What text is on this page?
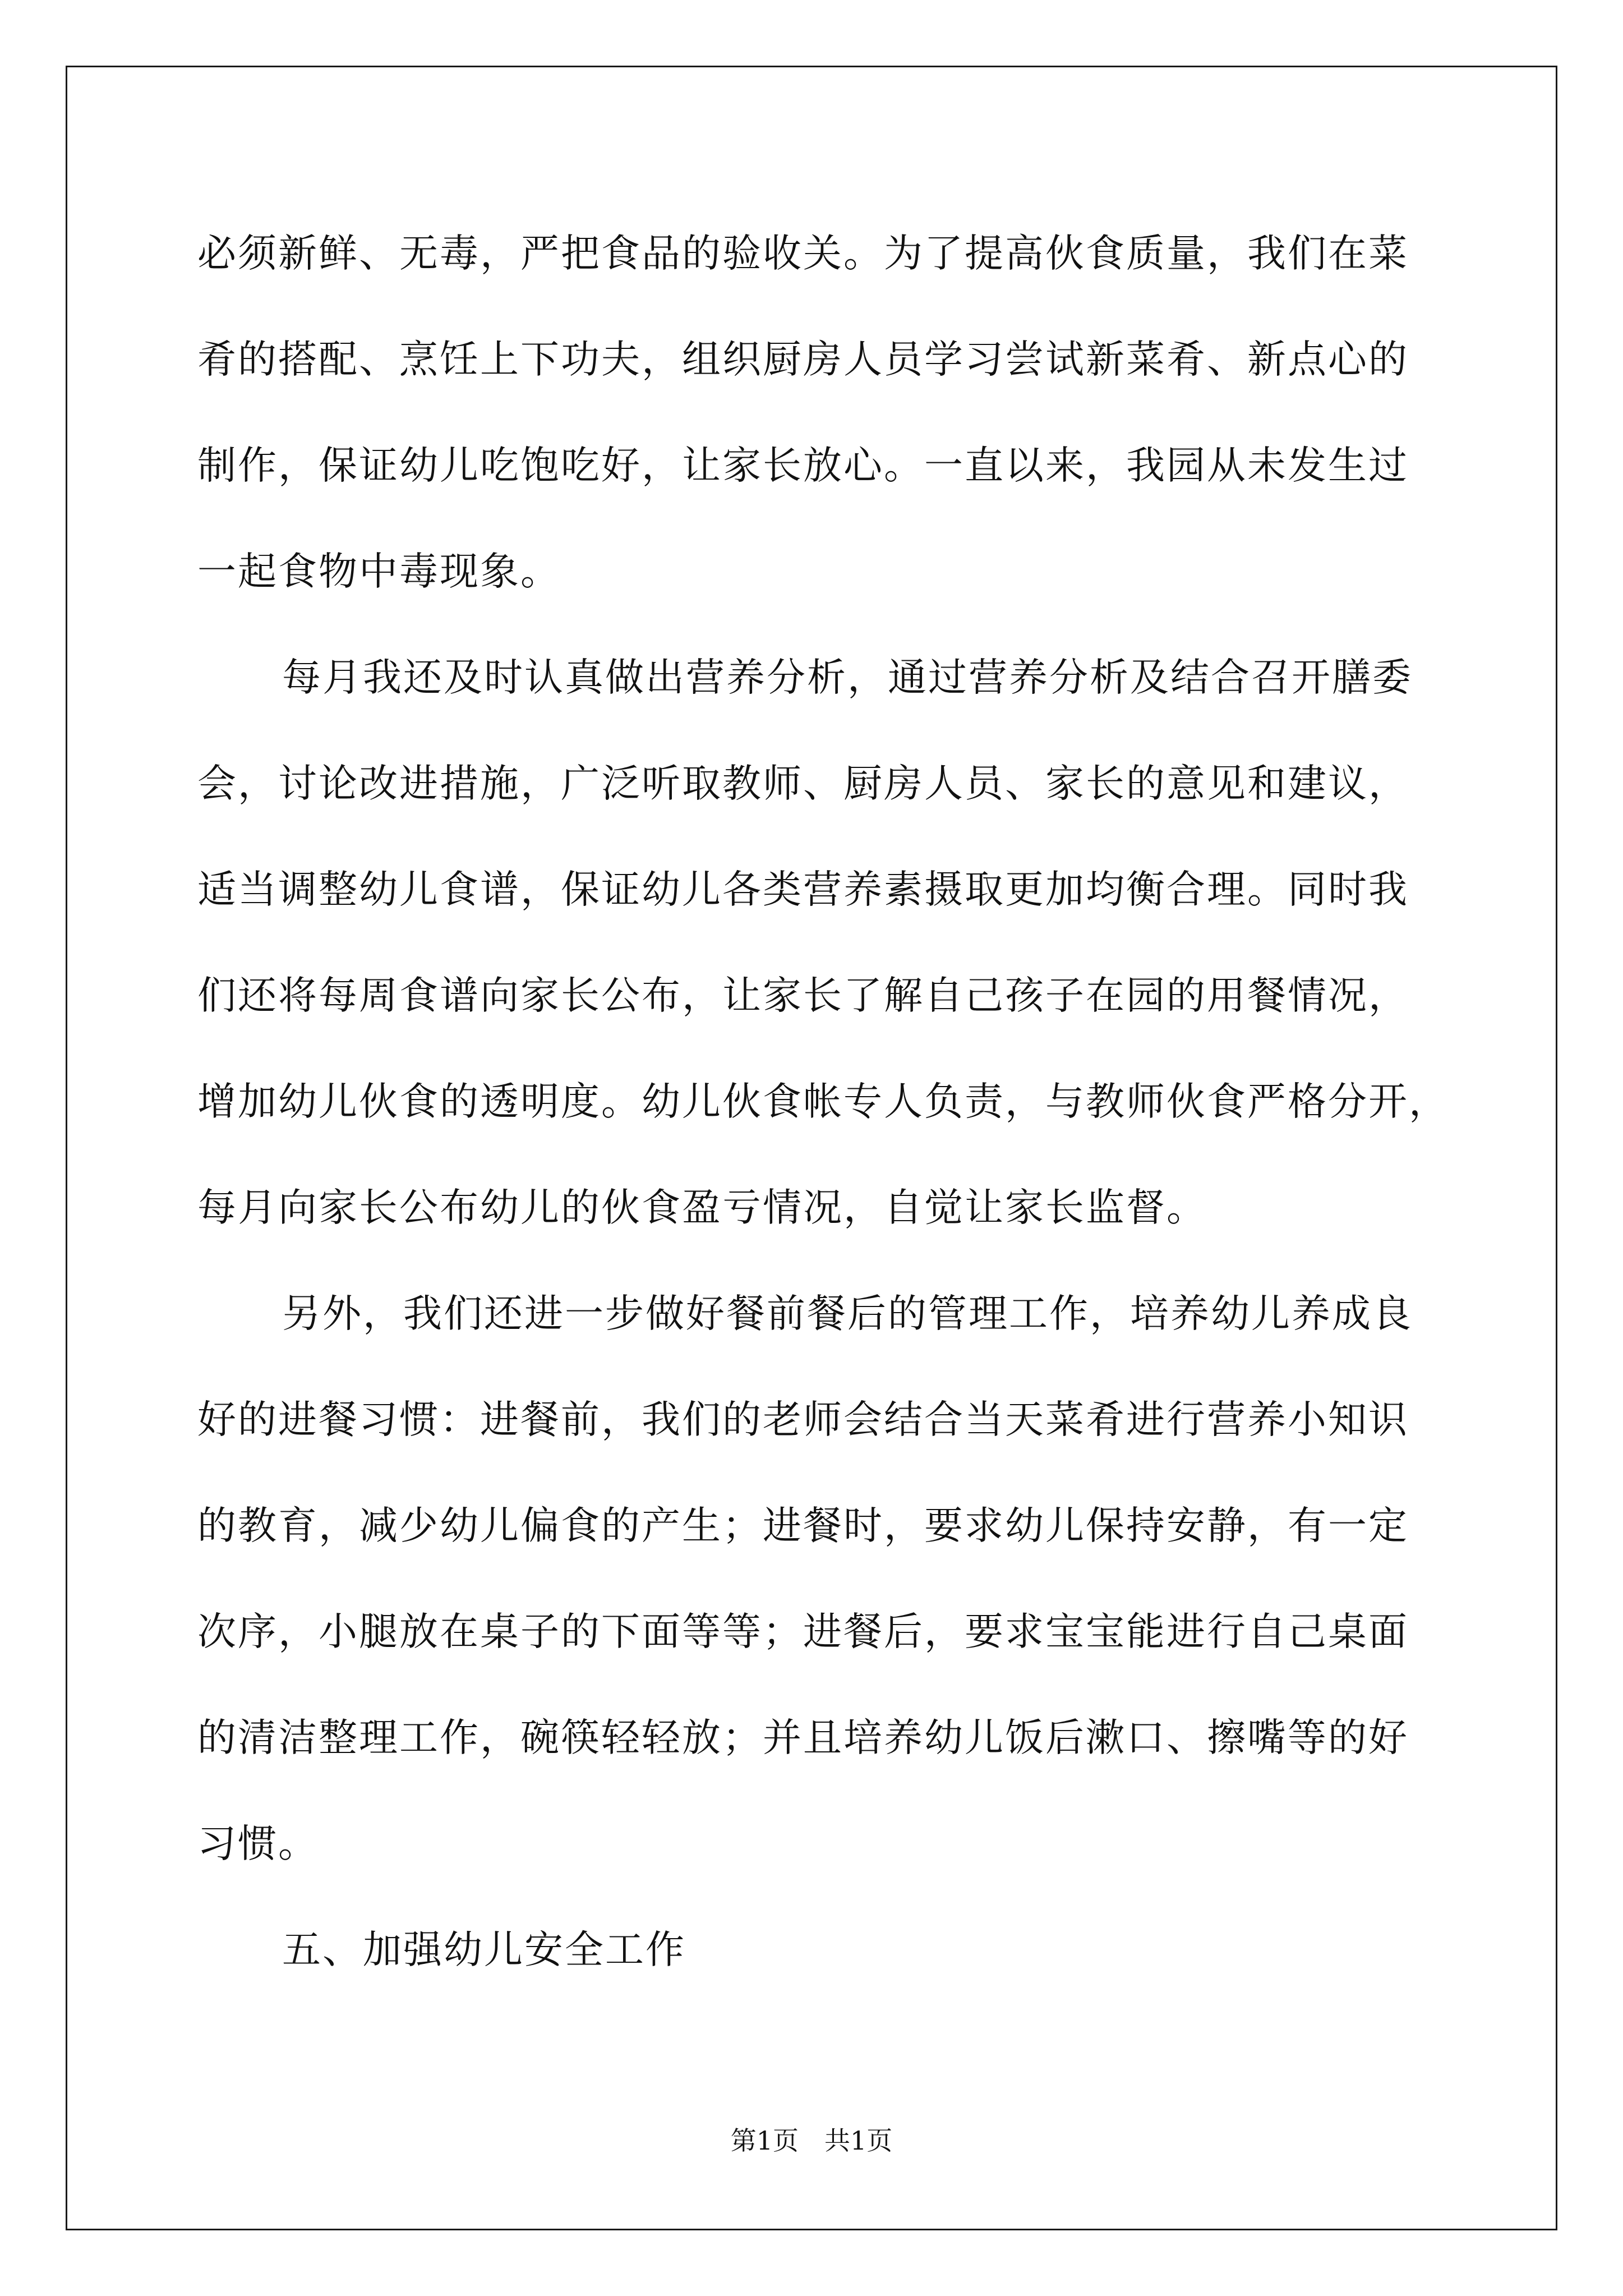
必须新鲜、无毒，严把食品的验收关。为了提高伙食质量，我们在菜
肴的搭配、烹饪上下功夫，组织厨房人员学习尝试新菜肴、新点心的
制作，保证幼儿吃饱吃好，让家长放心。一直以来，我园从未发生过
一起食物中毒现象。
每月我还及时认真做出营养分析，通过营养分析及结合召开膳委
会，讨论改进措施，广泛听取教师、厨房人员、家长的意见和建议，
适当调整幼儿食谱，保证幼儿各类营养素摄取更加均衡合理。同时我
们还将每周食谱向家长公布，让家长了解自己孩子在园的用餐情况，
增加幼儿伙食的透明度。幼儿伙食帐专人负责，与教师伙食严格分开，
每月向家长公布幼儿的伙食盈亏情况，自觉让家长监督。
另外，我们还进一步做好餐前餐后的管理工作，培养幼儿养成良
好的进餐习惯：进餐前，我们的老师会结合当天菜肴进行营养小知识
的教育，减少幼儿偏食的产生；进餐时，要求幼儿保持安静，有一定
次序，小腿放在桌子的下面等等；进餐后，要求宝宝能进行自己桌面
的清洁整理工作，碗筷轻轻放；并且培养幼儿饭后漱口、擦嘴等的好
习惯。
五、加强幼儿安全工作
第1页　共1页
